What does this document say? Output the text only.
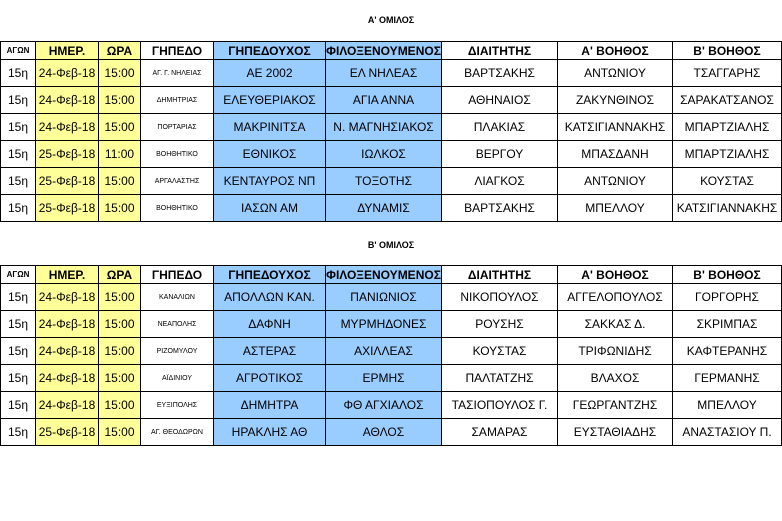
Α' ΟΜΙΛΟΣ
ΑΓΩΝ	ΗΜΕΡ.	ΩΡΑ	ΓΗΠΕΔΟ	ΓΗΠΕΔΟΥΧΟΣ	ΦΙΛΟΞΕΝΟΥΜΕΝΟΣ	ΔΙΑΙΤΗΤΗΣ	Α' ΒΟΗΘΟΣ	Β' ΒΟΗΘΟΣ
15η	24-Φεβ-18	15:00	ΑΓ. Γ. ΝΗΛΕΙΑΣ	ΑΕ 2002	ΕΛ ΝΗΛΕΑΣ	ΒΑΡΤΣΑΚΗΣ	ΑΝΤΩΝΙΟΥ	ΤΣΑΓΓΑΡΗΣ
15η	24-Φεβ-18	15:00	ΔΗΜΗΤΡΙΑΣ	ΕΛΕΥΘΕΡΙΑΚΟΣ	ΑΓΙΑ ΑΝΝΑ	ΑΘΗΝΑΙΟΣ	ΖΑΚΥΝΘΙΝΟΣ	ΣΑΡΑΚΑΤΣΑΝΟΣ
15η	24-Φεβ-18	15:00	ΠΟΡΤΑΡΙΑΣ	ΜΑΚΡΙΝΙΤΣΑ	Ν. ΜΑΓΝΗΣΙΑΚΟΣ	ΠΛΑΚΙΑΣ	ΚΑΤΣΙΓΙΑΝΝΑΚΗΣ	ΜΠΑΡΤΖΙΑΛΗΣ
15η	25-Φεβ-18	11:00	ΒΟΗΘΗΤΙΚΟ	ΕΘΝΙΚΟΣ	ΙΩΛΚΟΣ	ΒΕΡΓΟΥ	ΜΠΑΣΔΑΝΗ	ΜΠΑΡΤΖΙΑΛΗΣ
15η	25-Φεβ-18	15:00	ΑΡΓΑΛΑΣΤΗΣ	ΚΕΝΤΑΥΡΟΣ ΝΠ	ΤΟΞΟΤΗΣ	ΛΙΑΓΚΟΣ	ΑΝΤΩΝΙΟΥ	ΚΟΥΣΤΑΣ
15η	25-Φεβ-18	15:00	ΒΟΗΘΗΤΙΚΟ	ΙΑΣΩΝ ΑΜ	ΔΥΝΑΜΙΣ	ΒΑΡΤΣΑΚΗΣ	ΜΠΕΛΛΟΥ	ΚΑΤΣΙΓΙΑΝΝΑΚΗΣ
Β' ΟΜΙΛΟΣ
ΑΓΩΝ	ΗΜΕΡ.	ΩΡΑ	ΓΗΠΕΔΟ	ΓΗΠΕΔΟΥΧΟΣ	ΦΙΛΟΞΕΝΟΥΜΕΝΟΣ	ΔΙΑΙΤΗΤΗΣ	Α' ΒΟΗΘΟΣ	Β' ΒΟΗΘΟΣ
15η	24-Φεβ-18	15:00	ΚΑΝΑΛΙΩΝ	ΑΠΟΛΛΩΝ ΚΑΝ.	ΠΑΝΙΩΝΙΟΣ	ΝΙΚΟΠΟΥΛΟΣ	ΑΓΓΕΛΟΠΟΥΛΟΣ	ΓΟΡΓΟΡΗΣ
15η	24-Φεβ-18	15:00	ΝΕΑΠΟΛΗΣ	ΔΑΦΝΗ	ΜΥΡΜΗΔΟΝΕΣ	ΡΟΥΣΗΣ	ΣΑΚΚΑΣ Δ.	ΣΚΡΙΜΠΑΣ
15η	24-Φεβ-18	15:00	ΡΙΖΟΜΥΛΟΥ	ΑΣΤΕΡΑΣ	ΑΧΙΛΛΕΑΣ	ΚΟΥΣΤΑΣ	ΤΡΙΦΩΝΙΔΗΣ	ΚΑΦΤΕΡΑΝΗΣ
15η	24-Φεβ-18	15:00	ΑΪΔΙΝΙΟΥ	ΑΓΡΟΤΙΚΟΣ	ΕΡΜΗΣ	ΠΑΛΤΑΤΖΗΣ	ΒΛΑΧΟΣ	ΓΕΡΜΑΝΗΣ
15η	24-Φεβ-18	15:00	ΕΥΞΙΠΟΛΗΣ	ΔΗΜΗΤΡΑ	ΦΘ ΑΓΧΙΑΛΟΣ	ΤΑΣΙΟΠΟΥΛΟΣ Γ.	ΓΕΩΡΓΑΝΤΖΗΣ	ΜΠΕΛΛΟΥ
15η	25-Φεβ-18	15:00	ΑΓ. ΘΕΟΔΩΡΩΝ	ΗΡΑΚΛΗΣ ΑΘ	ΑΘΛΟΣ	ΣΑΜΑΡΑΣ	ΕΥΣΤΑΘΙΑΔΗΣ	ΑΝΑΣΤΑΣΙΟΥ Π.
